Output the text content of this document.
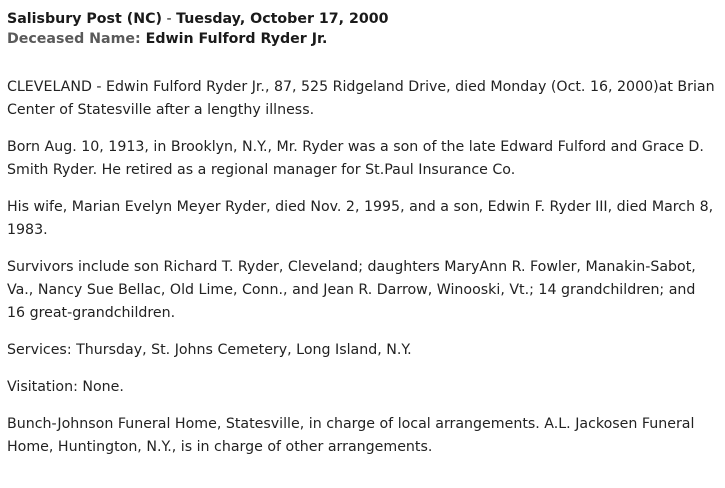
Salisbury Post (NC) - Tuesday, October 17, 2000

Deceased Name: Edwin Fulford Ryder Jr.

CLEVELAND - Edwin Fulford Ryder Jr., 87, 525 Ridgeland Drive, died Monday (Oct. 16, 2000)at Brian Center of Statesville after a lengthy illness.

Born Aug. 10, 1913, in Brooklyn, N.Y., Mr. Ryder was a son of the late Edward Fulford and Grace D. Smith Ryder. He retired as a regional manager for St.Paul Insurance Co.

His wife, Marian Evelyn Meyer Ryder, died Nov. 2, 1995, and a son, Edwin F. Ryder III, died March 8, 1983.

Survivors include son Richard T. Ryder, Cleveland; daughters MaryAnn R. Fowler, Manakin-Sabot, Va., Nancy Sue Bellac, Old Lime, Conn., and Jean R. Darrow, Winooski, Vt.; 14 grandchildren; and 16 great-grandchildren.

Services: Thursday, St. Johns Cemetery, Long Island, N.Y.

Visitation: None.

Bunch-Johnson Funeral Home, Statesville, in charge of local arrangements. A.L. Jackosen Funeral Home, Huntington, N.Y., is in charge of other arrangements.
